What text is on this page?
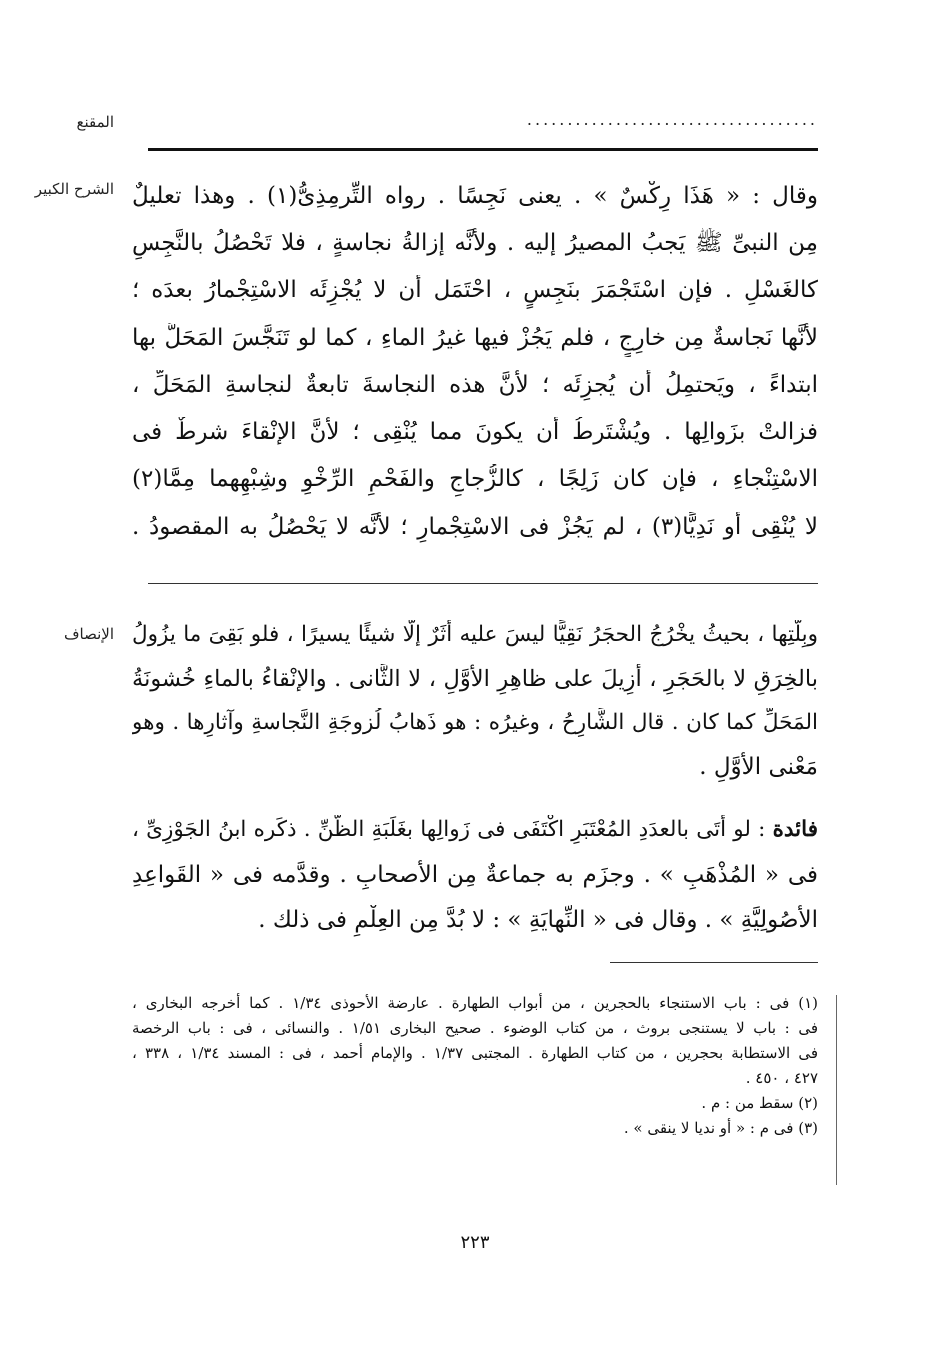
المقنع	....................................
الشرح الكبير وقال : « هَذَا رِكْسٌ » . يعنى نَجِسًا . رواه التِّرمِذِىُّ(١) . وهذا تعليلٌ
مِن النبىِّ ﷺ يَجبُ المصيرُ إليه . ولأنَّه إزالةُ نجاسةٍ ، فلا تَحْصُلُ بالنَّجِسِ
كالغَسْلِ . فإن اسْتَجْمَرَ بنَجِسٍ ، احْتَمَل أن لا يُجْزِئَه الاسْتِجْمارُ بعدَه ؛
لأنَّها نَجاسةٌ مِن خارِجٍ ، فلم يَجُزْ فيها غيرُ الماءِ ، كما لو تَنَجَّسَ المَحَلُّ بها
ابتداءً ، ويَحتمِلُ أن يُجزِئَه ؛ لأنَّ هذه النجاسةَ تابعةٌ لنجاسةِ المَحَلِّ ،
فزالتْ بزَوالِها . ويُشْتَرطُ أن يكونَ مما يُنْقِى ؛ لأنَّ الإنْقاءَ شرطٌ فى
الاسْتِنْجاءِ ، فإن كان زَلِجًا ، كالزُّجاجِ والفَحْمِ الرِّخْوِ وشِبْهِهما مِمَّا(٢)
لا يُنْقِى أو نَدِيًّا(٣) ، لم يَجُزْ فى الاسْتِجْمارِ ؛ لأنَّه لا يَحْصُلُ به المقصودُ .
الإنصاف وبِلَّتِها ، بحيثُ يخْرُجُ الحجَرُ نَقِيًّا ليسَ عليه أثَرٌ إلَّا شيئًا يسيرًا ، فلو بَقِىَ ما يزُولُ
بالخِرَقِ لا بالحَجَرِ ، أُزِيلَ على ظاهِرِ الأوَّلِ ، لا الثَّانى . والإنْقاءُ بالماءِ خُشونَةُ
المَحَلِّ كما كان . قال الشَّارِحُ ، وغيرُه : هو ذَهابُ لُزوجَةِ النَّجاسةِ وآثارِها . وهو
مَعْنى الأوَّلِ .
فائدة : لو أتَى بالعدَدِ المُعْتَبَرِ اكْتَفَى فى زَوالِها بغَلَبَةِ الظَّنِّ . ذكَره ابنُ الجَوْزِىِّ ،
فى « المُذْهَبِ » . وجزَم به جماعةٌ مِن الأصحابِ . وقدَّمه فى « القَواعِدِ
الأُصُولِيَّةِ » . وقال فى « النِّهايَةِ » : لا بُدَّ مِن العِلْمِ فى ذلك .
(١) فى : باب الاستنجاء بالحجرين ، من أبواب الطهارة . عارضة الأحوذى ١/٣٤ . كما أخرجه البخارى ،
فى : باب لا يستنجى بروث ، من كتاب الوضوء . صحيح البخارى ١/٥١ . والنسائى ، فى : باب الرخصة
فى الاستطابة بحجرين ، من كتاب الطهارة . المجتبى ١/٣٧ . والإمام أحمد ، فى : المسند ١/٣٤ ، ٣٣٨ ،
٤٢٧ ، ٤٥٠ .
(٢) سقط من : م .
(٣) فى م : « أو نديا لا ينقى » .
٢٢٣
